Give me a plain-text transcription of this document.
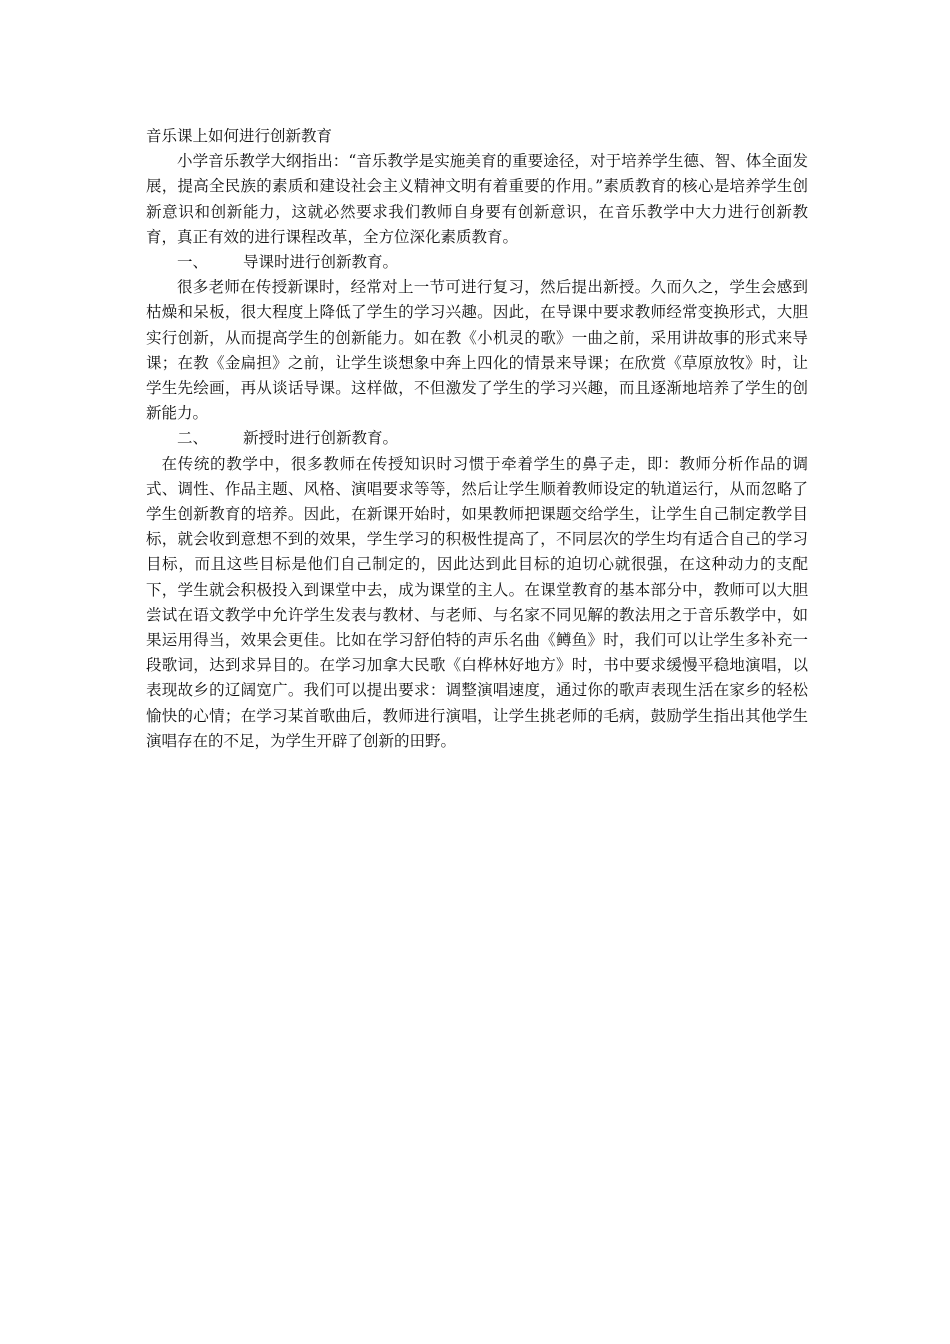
音乐课上如何进行创新教育

小学音乐教学大纲指出：“音乐教学是实施美育的重要途径，对于培养学生德、智、体全面发展，提高全民族的素质和建设社会主义精神文明有着重要的作用。”素质教育的核心是培养学生创新意识和创新能力，这就必然要求我们教师自身要有创新意识，在音乐教学中大力进行创新教育，真正有效的进行课程改革，全方位深化素质教育。

一、 导课时进行创新教育。

很多老师在传授新课时，经常对上一节可进行复习，然后提出新授。久而久之，学生会感到枯燥和呆板，很大程度上降低了学生的学习兴趣。因此，在导课中要求教师经常变换形式，大胆实行创新，从而提高学生的创新能力。如在教《小机灵的歌》一曲之前，采用讲故事的形式来导课；在教《金扁担》之前，让学生谈想象中奔上四化的情景来导课；在欣赏《草原放牧》时，让学生先绘画，再从谈话导课。这样做，不但激发了学生的学习兴趣，而且逐渐地培养了学生的创新能力。

二、 新授时进行创新教育。

在传统的教学中，很多教师在传授知识时习惯于牵着学生的鼻子走，即：教师分析作品的调式、调性、作品主题、风格、演唱要求等等，然后让学生顺着教师设定的轨道运行，从而忽略了学生创新教育的培养。因此，在新课开始时，如果教师把课题交给学生，让学生自己制定教学目标，就会收到意想不到的效果，学生学习的积极性提高了，不同层次的学生均有适合自己的学习目标，而且这些目标是他们自己制定的，因此达到此目标的迫切心就很强，在这种动力的支配下，学生就会积极投入到课堂中去，成为课堂的主人。在课堂教育的基本部分中，教师可以大胆尝试在语文教学中允许学生发表与教材、与老师、与名家不同见解的教法用之于音乐教学中，如果运用得当，效果会更佳。比如在学习舒伯特的声乐名曲《鳟鱼》时，我们可以让学生多补充一段歌词，达到求异目的。在学习加拿大民歌《白桦林好地方》时，书中要求缓慢平稳地演唱，以表现故乡的辽阔宽广。我们可以提出要求：调整演唱速度，通过你的歌声表现生活在家乡的轻松愉快的心情；在学习某首歌曲后，教师进行演唱，让学生挑老师的毛病，鼓励学生指出其他学生演唱存在的不足，为学生开辟了创新的田野。
